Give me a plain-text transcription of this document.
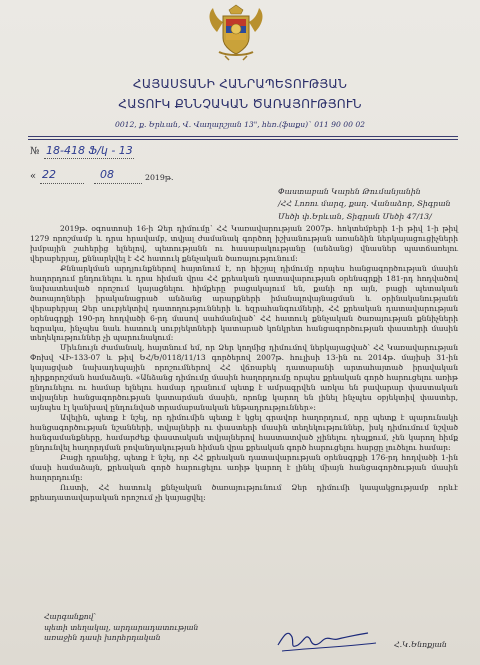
ՀԱՅԱՍՏԱՆԻ ՀԱՆՐԱՊԵՏՈՒԹՅԱՆ
ՀԱՏՈՒԿ ՔՆՆՉԱԿԱՆ ԾԱՌԱՅՈՒԹՅՈՒՆ
0012, ք. Երևան, Վ. Վաղարշյան 13", հեռ.(ֆաքս)` 011 90 00 02
№ 18-418 Ֆ/կ - 13
« 22	08	2019թ.
Փաստաբան Կարեն Թումանյանին
/ՀՀ Լոռու մարզ, քաղ. Վանաձոր, Տիգրան
Մեծի փ.Երևան, Տիգրան Մեծի 47/13/

2019թ. օգոստոսի 16-ի Ձեր դիմումը՝ ՀՀ Կառավարության 2007թ. հոկտեմբերի 1-ի թիվ 1-ի թիվ 1279 որոշմամբ և դրա հրավամբ, տվյալ ժամանակ գործող իշխանության առանձին ներկայացուցիչների խմբային շահերից ելնելով, պետությանն ու հասարակությանը (անձանց) վնասներ պատճառելու վերաբերյալ, քննարկվել է ՀՀ հատուկ քննչական ծառայությունում:

Քննարկման արդյունքներով հայտնում է, որ հիշյալ դիմումը որպես հանցագործության մասին հաղորդում ընդունելու և դրա հիման վրա ՀՀ քրեական դատավարության օրենսգրքի 181-րդ հոդվածով նախատեսված որոշում կայացնելու հիմքերը բացակայում են, քանի որ այն, բացի պետական ծառայողների իրականացրած անձանց արարքների իմանալովայնացման և օրինականությանն վերաբերյալ Ձեր սուբյեկտիվ դատողությունների և եզրահանգումների, ՀՀ քրեական դատավարության օրենսգրքի 190-րդ հոդվածի 6-րդ մասով սահմանված՝ ՀՀ հատուկ քննչական ծառայության քննիչների եզրակա, ինչպես նաև հատուկ սուբյեկտների կատարած կոնկրետ հանցագործության փաստերի մասին տեղեկություններ չի պարունակում:

Միևնույն ժամանակ, հայտնում եմ, որ Ձեր կողմից դիմումով ներկայացված՝ ՀՀ Կառավարության Փոխվ ՎԻ-133-07 և թիվ ԵՀ/Ե/0118/11/13 գործերով 2007թ. հուլիսի 13-ին ու 2014թ. մայիսի 31-ին կայացված նախադեպային որոշումներով ՀՀ վճռաբեկ դատարանի արտահայտած իրավական դիրքորոշման համաձայն. «Անձանց դիմումը մասին հաղորդումը որպես քրեական գործ հարուցելու առիթ ընդունելու ու համար ելնելու համար դրանում պետք է ամրագրվեն առկա են բավարար փաստական տվյալներ հանցագործության կատարման մասին, որոնք կարող են լինել ինչպես օբյեկտիվ փաստեր, այնպես էլ կանխավ ընդունված տրամաբանական ենթադրություններ»:

Ավելին, պետք է նշել, որ դիմումին պետք է կցել գրավոր հաղորդում, որը պետք է պարունակի հանցագործության նշանների, տվյալների ու փաստերի մասին տեղեկություններ, իսկ դիմումում նշված հանգամանքները, համարժեք փաստական տվյալներով հաստատված չլինելու դեպքում, չեն կարող հիմք ընդունվել հաղորդման բովանդակության հիման վրա քրեական գործ հարուցելու հարցը լուծելու համար:

Բացի դրանից, պետք է նշել, որ ՀՀ քրեական դատավարության օրենսգրքի 176-րդ հոդվածի 1-ին մասի համաձայն, քրեական գործ հարուցելու առիթ կարող է լինել միայն հանցագործության մասին հաղորդումը:

Ուստի, ՀՀ հատուկ քննչական ծառայությունում Ձեր դիմումի կապակցությամբ որևէ քրեադատավարական որոշում չի կայացվել:

Հարգանքով՝
պետի տեղակալ, արդարադատության
առաջին դասի խորհրդական
Հ.Կ.Ենոքյան
